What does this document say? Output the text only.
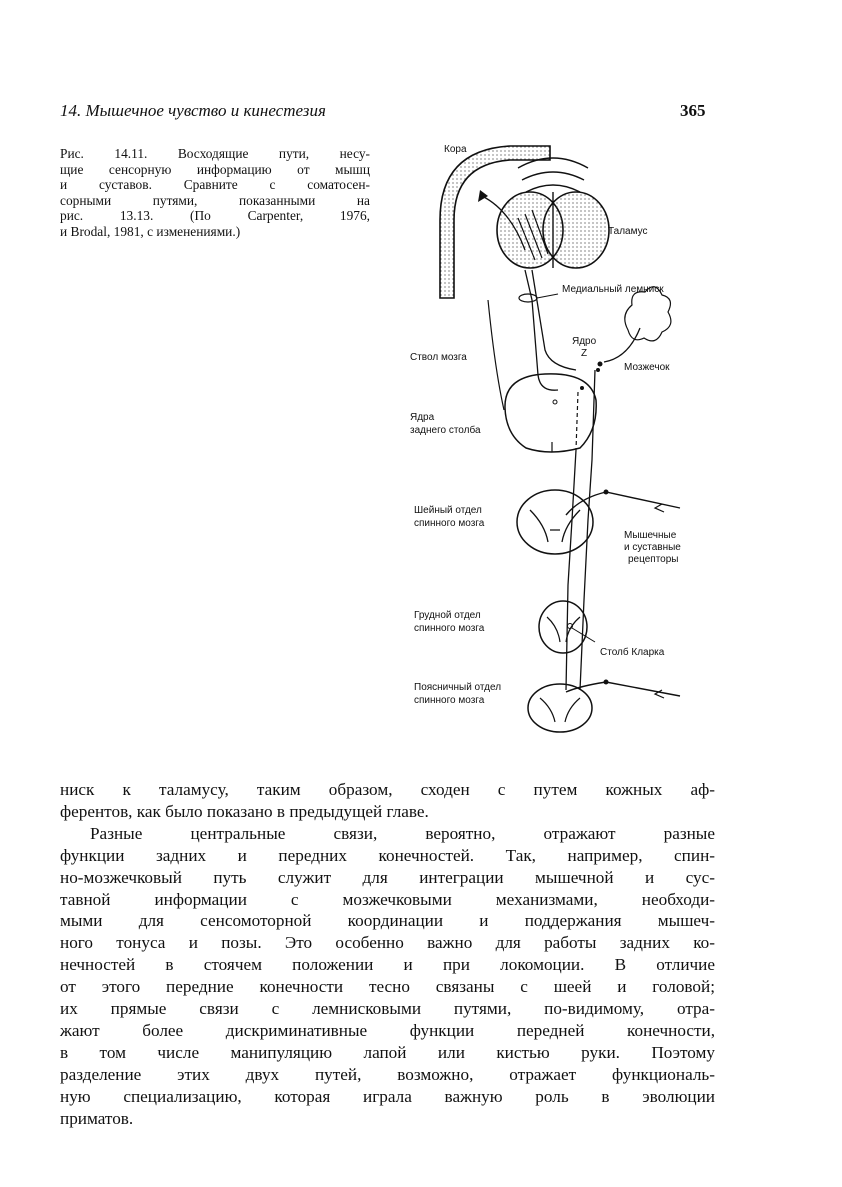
14. Мышечное чувство и кинестезия	365
Рис. 14.11. Восходящие пути, несу-
щие сенсорную информацию от мышц
и суставов. Сравните с соматосен-
сорными путями, показанными на
рис. 13.13. (По Carpenter, 1976,
и Brodal, 1981, с изменениями.)
Кора
Таламус
Медиальный лемниск
Ядро
Z
Ствол мозга
Мозжечок
Ядра
заднего столба
Шейный отдел
спинного мозга
Мышечные
и суставные
рецепторы
Грудной отдел
спинного мозга
Столб Кларка
Поясничный отдел
спинного мозга
ниск к таламусу, таким образом, сходен с путем кожных аф-
ферентов, как было показано в предыдущей главе.
Разные центральные связи, вероятно, отражают разные
функции задних и передних конечностей. Так, например, спин-
но-мозжечковый путь служит для интеграции мышечной и сус-
тавной информации с мозжечковыми механизмами, необходи-
мыми для сенсомоторной координации и поддержания мышеч-
ного тонуса и позы. Это особенно важно для работы задних ко-
нечностей в стоячем положении и при локомоции. В отличие
от этого передние конечности тесно связаны с шеей и головой;
их прямые связи с лемнисковыми путями, по-видимому, отра-
жают более дискриминативные функции передней конечности,
в том числе манипуляцию лапой или кистью руки. Поэтому
разделение этих двух путей, возможно, отражает функциональ-
ную специализацию, которая играла важную роль в эволюции
приматов.
